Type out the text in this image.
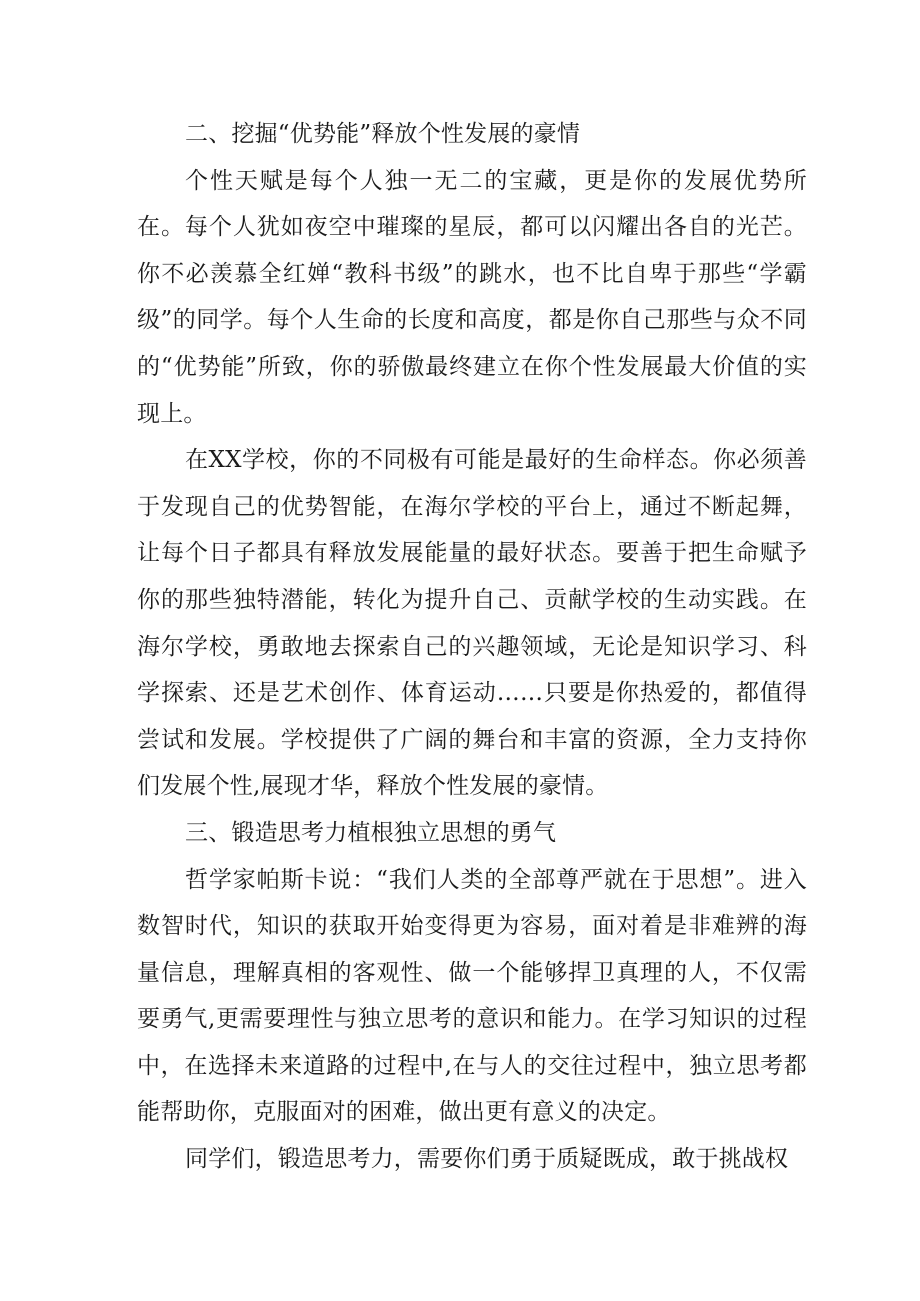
二、挖掘“优势能”释放个性发展的豪情

个性天赋是每个人独一无二的宝藏，更是你的发展优势所在。每个人犹如夜空中璀璨的星辰，都可以闪耀出各自的光芒。你不必羡慕全红婵“教科书级”的跳水，也不比自卑于那些“学霸级”的同学。每个人生命的长度和高度，都是你自己那些与众不同的“优势能”所致，你的骄傲最终建立在你个性发展最大价值的实现上。

在XX学校，你的不同极有可能是最好的生命样态。你必须善于发现自己的优势智能，在海尔学校的平台上，通过不断起舞，让每个日子都具有释放发展能量的最好状态。要善于把生命赋予你的那些独特潜能，转化为提升自己、贡献学校的生动实践。在海尔学校，勇敢地去探索自己的兴趣领域，无论是知识学习、科学探索、还是艺术创作、体育运动……只要是你热爱的，都值得尝试和发展。学校提供了广阔的舞台和丰富的资源，全力支持你们发展个性,展现才华，释放个性发展的豪情。

三、锻造思考力植根独立思想的勇气

哲学家帕斯卡说：“我们人类的全部尊严就在于思想”。进入数智时代，知识的获取开始变得更为容易，面对着是非难辨的海量信息，理解真相的客观性、做一个能够捍卫真理的人，不仅需要勇气,更需要理性与独立思考的意识和能力。在学习知识的过程中，在选择未来道路的过程中,在与人的交往过程中，独立思考都能帮助你，克服面对的困难，做出更有意义的决定。

同学们，锻造思考力，需要你们勇于质疑既成，敢于挑战权
